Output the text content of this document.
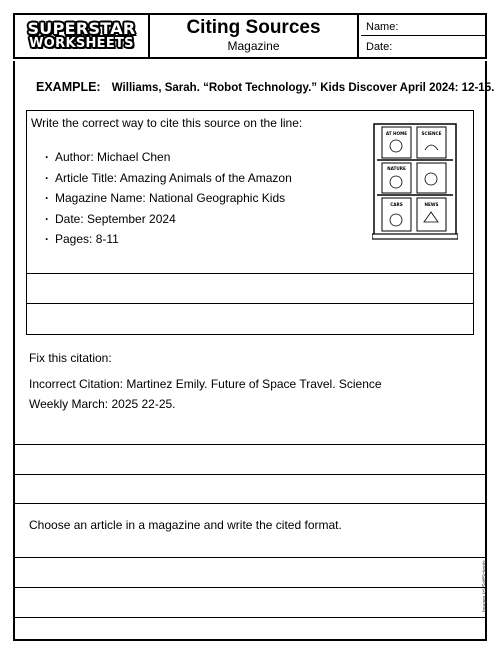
SUPERSTAR
WORKSHEETS
Citing Sources
Magazine
Name:
Date:
EXAMPLE: Williams, Sarah. “Robot Technology.” Kids Discover April 2024: 12-15.
Write the correct way to cite this source on the line:
· Author: Michael Chen
· Article Title: Amazing Animals of the Amazon
· Magazine Name: National Geographic Kids
· Date: September 2024
· Pages: 8-11
AT HOME	SCIENCE
NATURE
CARS	NEWS
Fix this citation:
Incorrect Citation: Martinez Emily. Future of Space Travel. Science
Weekly March: 2025 22-25.
Choose an article in a magazine and write the cited format.
Images (c) SoftSchools
